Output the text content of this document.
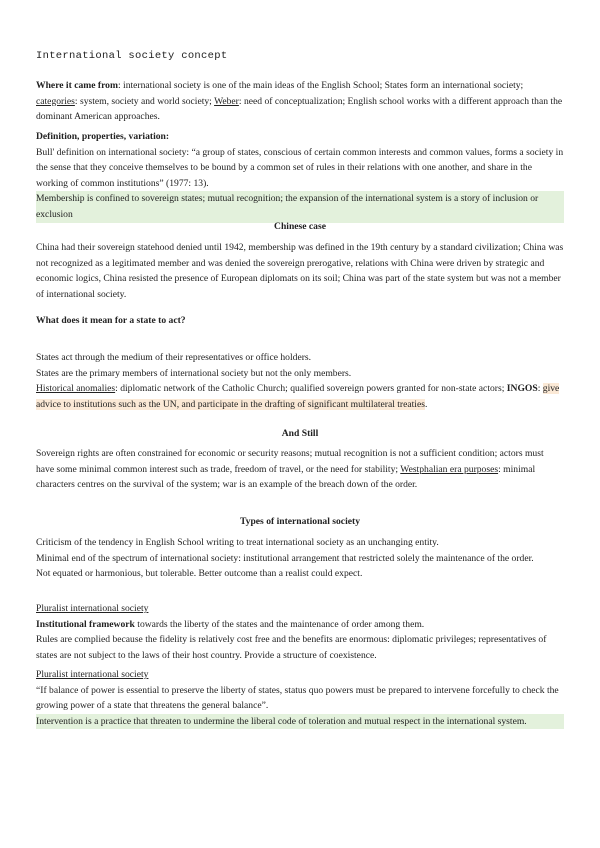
International society concept
Where it came from: international society is one of the main ideas of the English School; States form an international society; categories: system, society and world society; Weber: need of conceptualization; English school works with a different approach than the dominant American approaches.
Definition, properties, variation:
Bull' definition on international society: “a group of states, conscious of certain common interests and common values, forms a society in the sense that they conceive themselves to be bound by a common set of rules in their relations with one another, and share in the working of common institutions” (1977: 13).
Membership is confined to sovereign states; mutual recognition; the expansion of the international system is a story of inclusion or exclusion
Chinese case
China had their sovereign statehood denied until 1942, membership was defined in the 19th century by a standard civilization; China was not recognized as a legitimated member and was denied the sovereign prerogative, relations with China were driven by strategic and economic logics, China resisted the presence of European diplomats on its soil; China was part of the state system but was not a member of international society.
What does it mean for a state to act?
States act through the medium of their representatives or office holders.
States are the primary members of international society but not the only members.
Historical anomalies: diplomatic network of the Catholic Church; qualified sovereign powers granted for non-state actors; INGOS: give advice to institutions such as the UN, and participate in the drafting of significant multilateral treaties.
And Still
Sovereign rights are often constrained for economic or security reasons; mutual recognition is not a sufficient condition; actors must have some minimal common interest such as trade, freedom of travel, or the need for stability; Westphalian era purposes: minimal characters centres on the survival of the system; war is an example of the breach down of the order.
Types of international society
Criticism of the tendency in English School writing to treat international society as an unchanging entity.
Minimal end of the spectrum of international society: institutional arrangement that restricted solely the maintenance of the order.
Not equated or harmonious, but tolerable. Better outcome than a realist could expect.
Pluralist international society
Institutional framework towards the liberty of the states and the maintenance of order among them.
Rules are complied because the fidelity is relatively cost free and the benefits are enormous: diplomatic privileges; representatives of states are not subject to the laws of their host country. Provide a structure of coexistence.
Pluralist international society
“If balance of power is essential to preserve the liberty of states, status quo powers must be prepared to intervene forcefully to check the growing power of a state that threatens the general balance”.
Intervention is a practice that threaten to undermine the liberal code of toleration and mutual respect in the international system.
